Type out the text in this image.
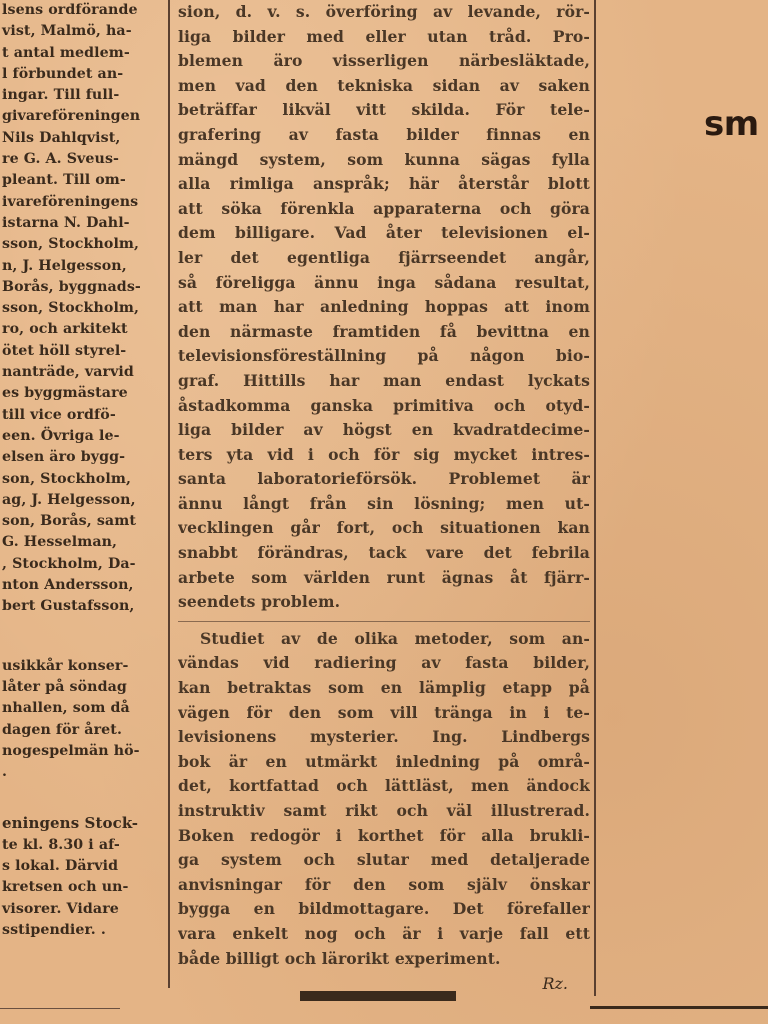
lsens ordförande
vist, Malmö, ha-
t antal medlem-
l förbundet an-
ingar. Till full-
givareföreningen
Nils Dahlqvist,
re G. A. Sveus-
pleant. Till om-
ivareföreningens
istarna N. Dahl-
sson, Stockholm,
n, J. Helgesson,
Borås, byggnads-
sson, Stockholm,
ro, och arkitekt
ötet höll styrel-
nanträde, varvid
es byggmästare
till vice ordfö-
een. Övriga le-
elsen äro bygg-
son, Stockholm,
ag, J. Helgesson,
son, Borås, samt
G. Hesselman,
, Stockholm, Da-
nton Andersson,
bert Gustafsson,
usikkår konser-
låter på söndag
nhallen, som då
dagen för året.
nogespelmän hö-
.
eningens Stock-
te kl. 8.30 i af-
s lokal. Därvid
kretsen och un-
visorer. Vidare
sstipendier. .
sion, d. v. s. överföring av levande, rör-
liga bilder med eller utan tråd. Pro-
blemen äro visserligen närbesläktade,
men vad den tekniska sidan av saken
beträffar likväl vitt skilda. För tele-
grafering av fasta bilder finnas en
mängd system, som kunna sägas fylla
alla rimliga anspråk; här återstår blott
att söka förenkla apparaterna och göra
dem billigare. Vad åter televisionen el-
ler det egentliga fjärrseendet angår,
så föreligga ännu inga sådana resultat,
att man har anledning hoppas att inom
den närmaste framtiden få bevittna en
televisionsföreställning på någon bio-
graf. Hittills har man endast lyckats
åstadkomma ganska primitiva och otyd-
liga bilder av högst en kvadratdecime-
ters yta vid i och för sig mycket intres-
santa laboratorieförsök. Problemet är
ännu långt från sin lösning; men ut-
vecklingen går fort, och situationen kan
snabbt förändras, tack vare det febrila
arbete som världen runt ägnas åt fjärr-
seendets problem.
Studiet av de olika metoder, som an-
vändas vid radiering av fasta bilder,
kan betraktas som en lämplig etapp på
vägen för den som vill tränga in i te-
levisionens mysterier. Ing. Lindbergs
bok är en utmärkt inledning på områ-
det, kortfattad och lättläst, men ändock
instruktiv samt rikt och väl illustrerad.
Boken redogör i korthet för alla brukli-
ga system och slutar med detaljerade
anvisningar för den som själv önskar
bygga en bildmottagare. Det förefaller
vara enkelt nog och är i varje fall ett
både billigt och lärorikt experiment.
Rz.
sm
